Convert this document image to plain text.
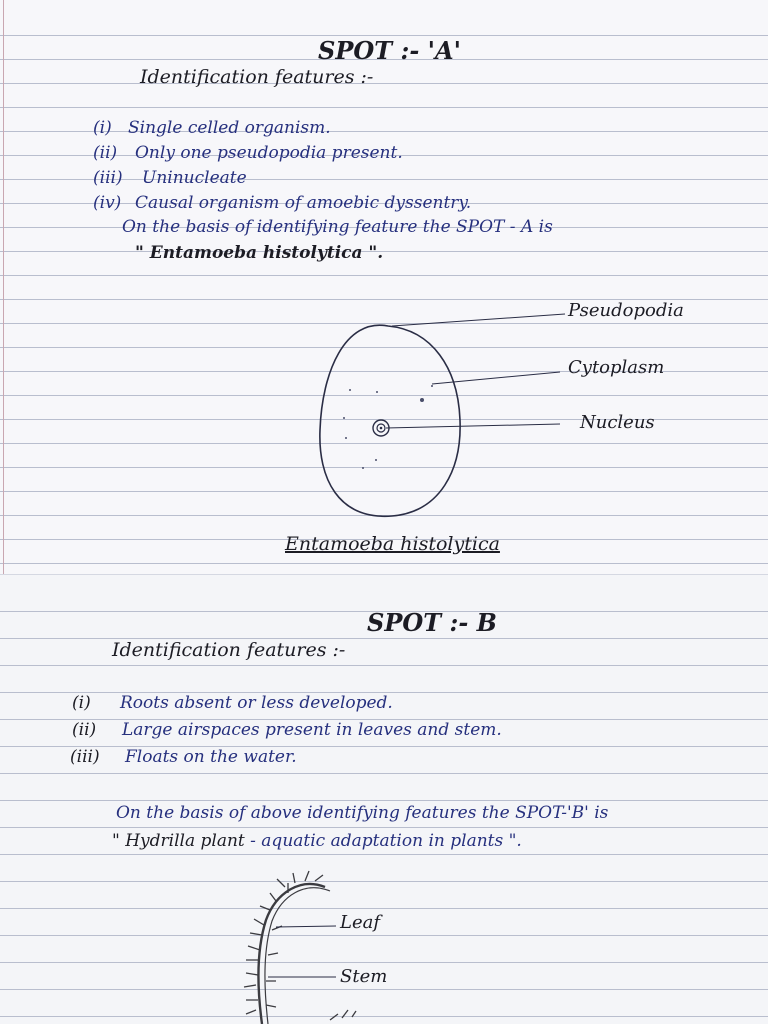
SPOT :- 'A'
Identification features :-
(i) Single celled organism.
(ii) Only one pseudopodia present.
(iii) Uninucleate
(iv) Causal organism of amoebic dyssentry.
On the basis of identifying feature the SPOT - A is
" Entamoeba histolytica ".
Pseudopodia
Cytoplasm
Nucleus
Entamoeba histolytica
SPOT :- B
Identification features :-
(i) Roots absent or less developed.
(ii) Large airspaces present in leaves and stem.
(iii) Floats on the water.
On the basis of above identifying features the SPOT-'B' is
" Hydrilla plant - aquatic adaptation in plants ".
Leaf
Stem
